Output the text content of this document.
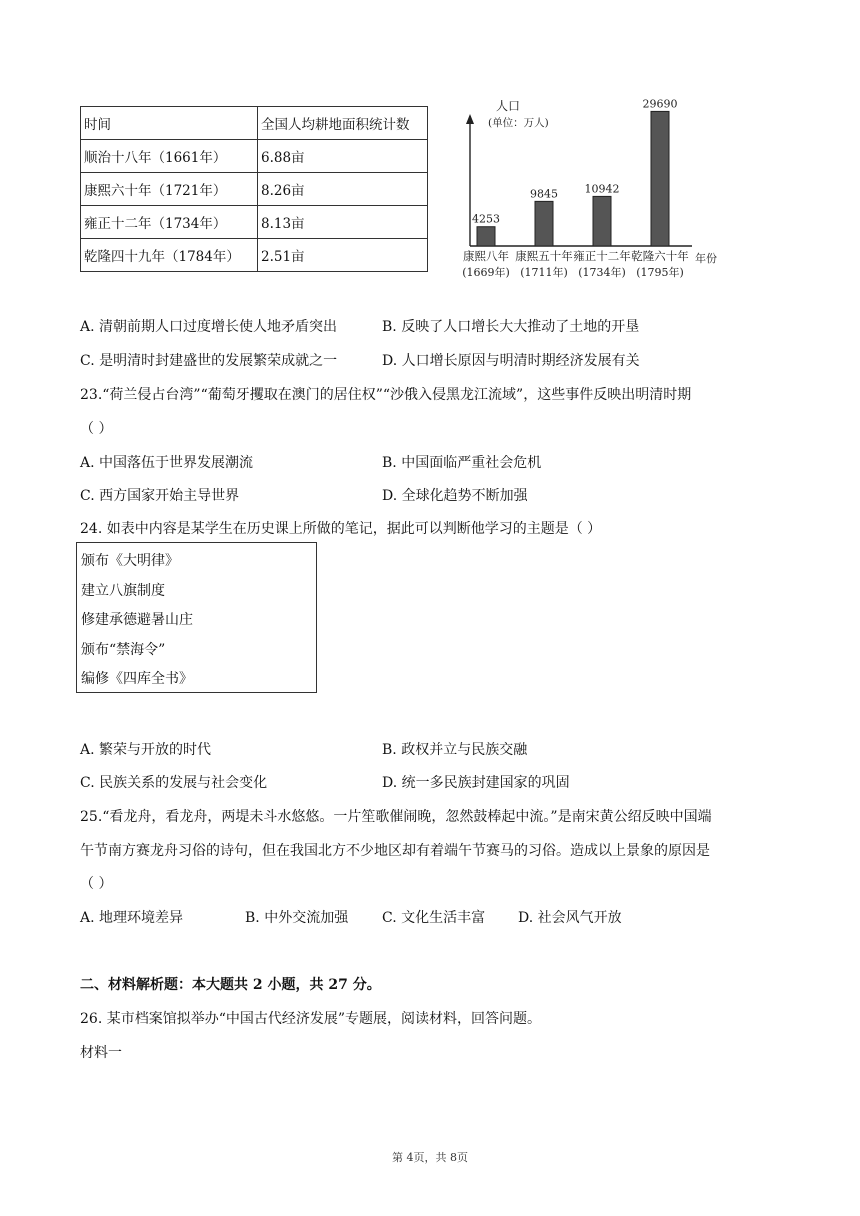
时间	全国人均耕地面积统计数
顺治十八年（1661年）	6.88亩
康熙六十年（1721年）	8.26亩
雍正十二年（1734年）	8.13亩
乾隆四十九年（1784年）	2.51亩
人口
(单位：万人)
年份
4253
康熙八年
(1669年)
9845
康熙五十年
(1711年)
10942
雍正十二年
(1734年)
29690
乾隆六十年
(1795年)
A. 清朝前期人口过度增长使人地矛盾突出	B. 反映了人口增长大大推动了土地的开垦
C. 是明清时封建盛世的发展繁荣成就之一	D. 人口增长原因与明清时期经济发展有关
23.“荷兰侵占台湾”“葡萄牙攫取在澳门的居住权”“沙俄入侵黑龙江流域”，这些事件反映出明清时期
（ ）
A. 中国落伍于世界发展潮流	B. 中国面临严重社会危机
C. 西方国家开始主导世界	D. 全球化趋势不断加强
24. 如表中内容是某学生在历史课上所做的笔记，据此可以判断他学习的主题是（ ）
颁布《大明律》
建立八旗制度
修建承德避暑山庄
颁布“禁海令”
编修《四库全书》
A. 繁荣与开放的时代	B. 政权并立与民族交融
C. 民族关系的发展与社会变化	D. 统一多民族封建国家的巩固
25.“看龙舟，看龙舟，两堤未斗水悠悠。一片笙歌催闹晚，忽然鼓棒起中流。”是南宋黄公绍反映中国端
午节南方赛龙舟习俗的诗句，但在我国北方不少地区却有着端午节赛马的习俗。造成以上景象的原因是
（ ）
A. 地理环境差异	B. 中外交流加强 C. 文化生活丰富 D. 社会风气开放
二、材料解析题：本大题共 2 小题，共 27 分。
26. 某市档案馆拟举办“中国古代经济发展”专题展，阅读材料，回答问题。
材料一
第 4页，共 8页
